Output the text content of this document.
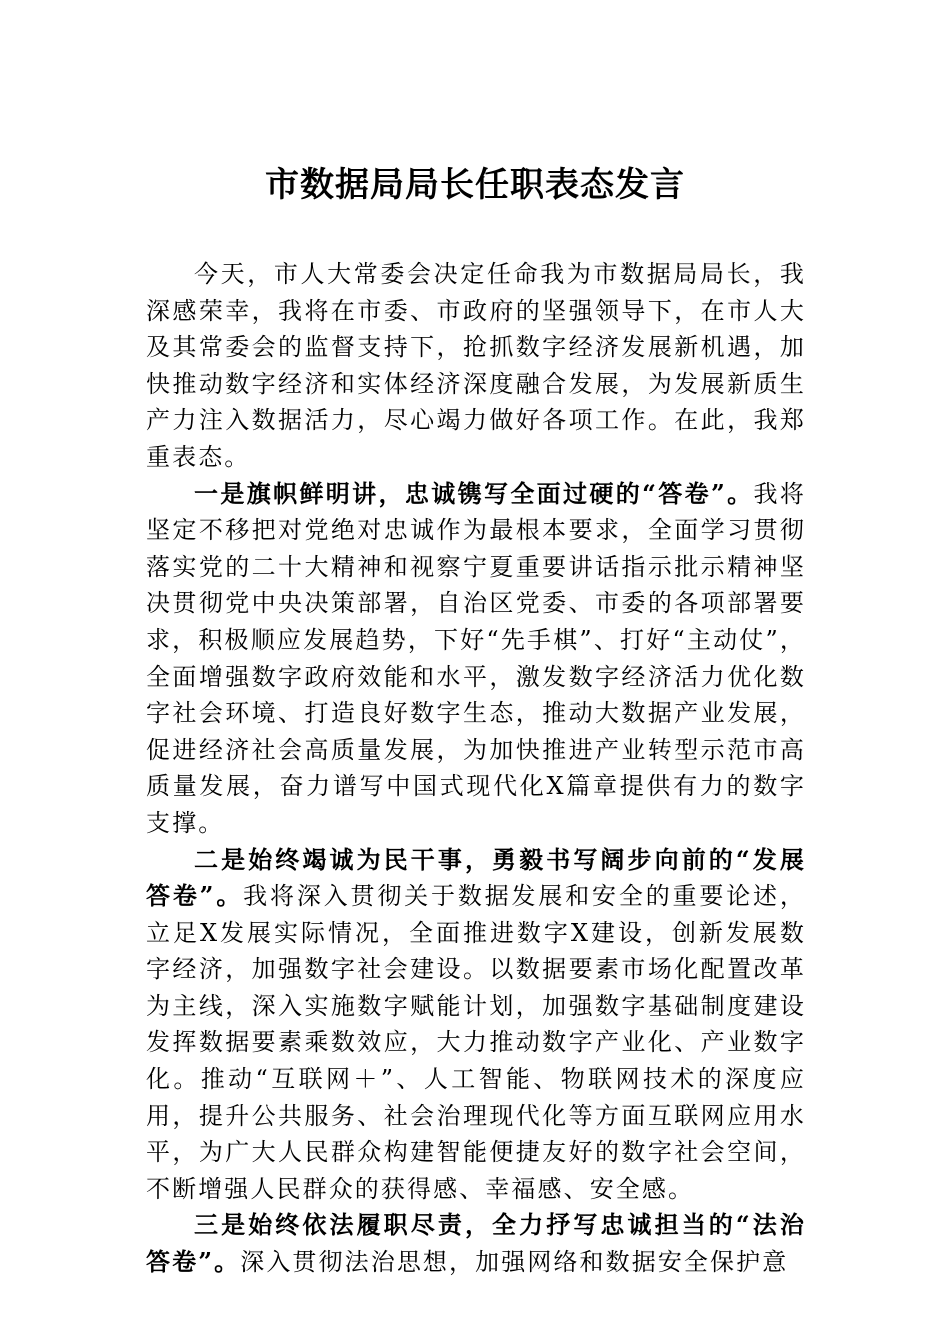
市数据局局长任职表态发言

今天，市人大常委会决定任命我为市数据局局长，我深感荣幸，我将在市委、市政府的坚强领导下，在市人大及其常委会的监督支持下，抢抓数字经济发展新机遇，加快推动数字经济和实体经济深度融合发展，为发展新质生产力注入数据活力，尽心竭力做好各项工作。在此，我郑重表态。

一是旗帜鲜明讲，忠诚镌写全面过硬的“答卷”。我将坚定不移把对党绝对忠诚作为最根本要求，全面学习贯彻落实党的二十大精神和视察宁夏重要讲话指示批示精神坚决贯彻党中央决策部署，自治区党委、市委的各项部署要求，积极顺应发展趋势，下好“先手棋”、打好“主动仗”，全面增强数字政府效能和水平，激发数字经济活力优化数字社会环境、打造良好数字生态，推动大数据产业发展，促进经济社会高质量发展，为加快推进产业转型示范市高质量发展，奋力谱写中国式现代化X篇章提供有力的数字支撑。

二是始终竭诚为民干事，勇毅书写阔步向前的“发展答卷”。我将深入贯彻关于数据发展和安全的重要论述，立足X发展实际情况，全面推进数字X建设，创新发展数字经济，加强数字社会建设。以数据要素市场化配置改革为主线，深入实施数字赋能计划，加强数字基础制度建设发挥数据要素乘数效应，大力推动数字产业化、产业数字化。推动“互联网＋”、人工智能、物联网技术的深度应用，提升公共服务、社会治理现代化等方面互联网应用水平，为广大人民群众构建智能便捷友好的数字社会空间，不断增强人民群众的获得感、幸福感、安全感。

三是始终依法履职尽责，全力抒写忠诚担当的“法治答卷”。深入贯彻法治思想，加强网络和数据安全保护意
